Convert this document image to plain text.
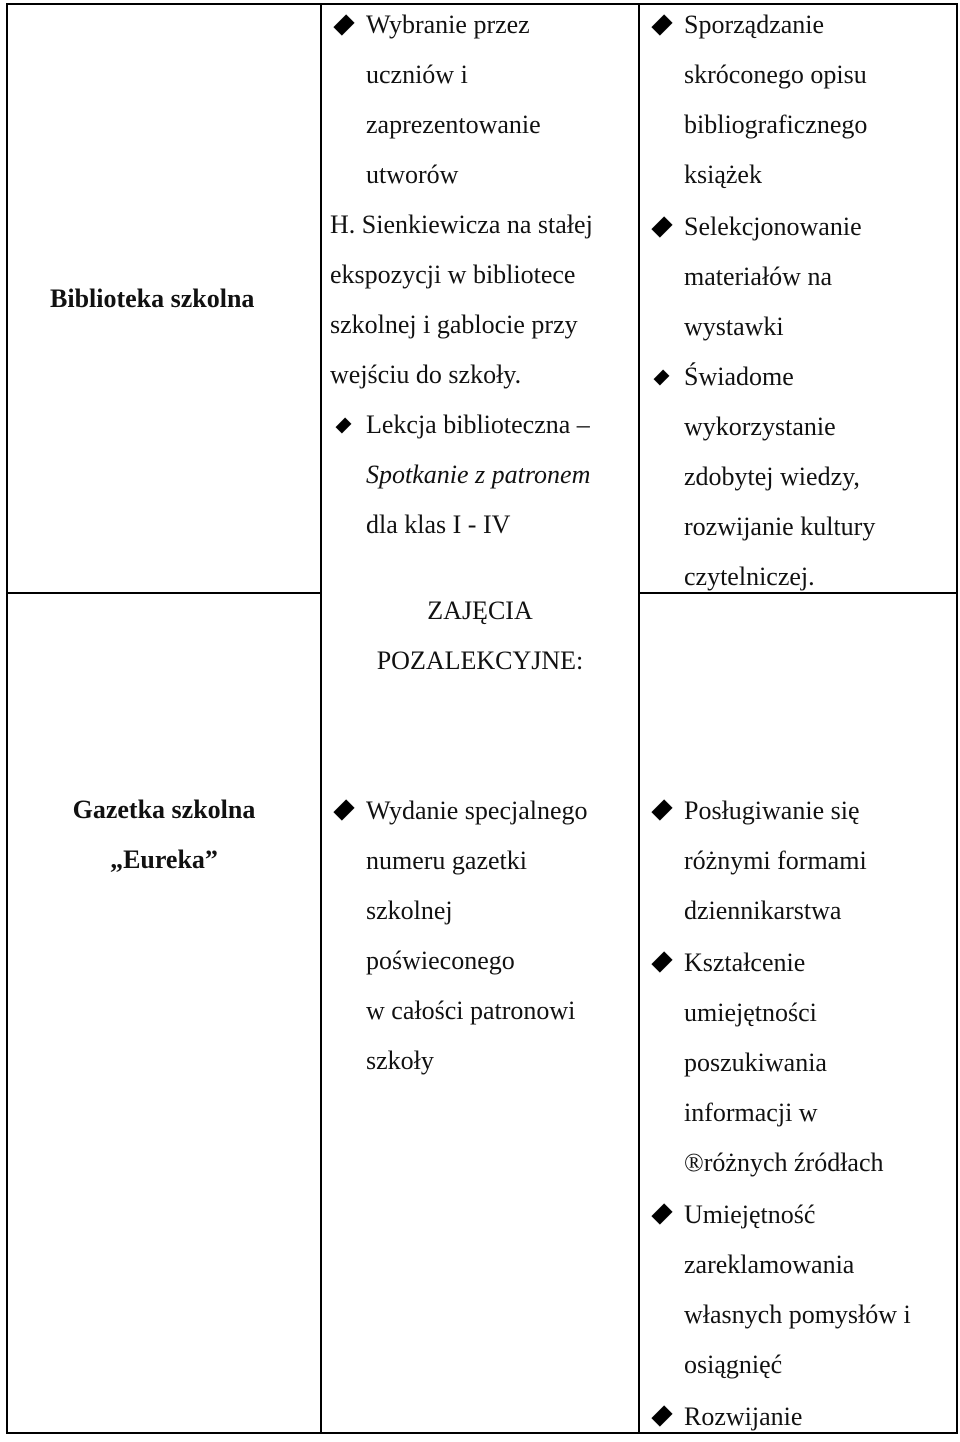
Biblioteka szkolna
Wybranie przez
uczniów i
zaprezentowanie
utworów
H. Sienkiewicza na stałej
ekspozycji w bibliotece
szkolnej i gablocie przy
wejściu do szkoły.
Lekcja biblioteczna –
Spotkanie z patronem
dla klas I - IV
ZAJĘCIA
POZALEKCYJNE:
Sporządzanie
skróconego opisu
bibliograficznego
książek
Selekcjonowanie
materiałów na
wystawki
Świadome
wykorzystanie
zdobytej wiedzy,
rozwijanie kultury
czytelniczej.
Gazetka szkolna
„Eureka”
Wydanie specjalnego
numeru gazetki
szkolnej
poświeconego
w całości patronowi
szkoły
Posługiwanie się
różnymi formami
dziennikarstwa
Kształcenie
umiejętności
poszukiwania
informacji w
®różnych źródłach
Umiejętność
zareklamowania
własnych pomysłów i
osiągnięć
Rozwijanie
